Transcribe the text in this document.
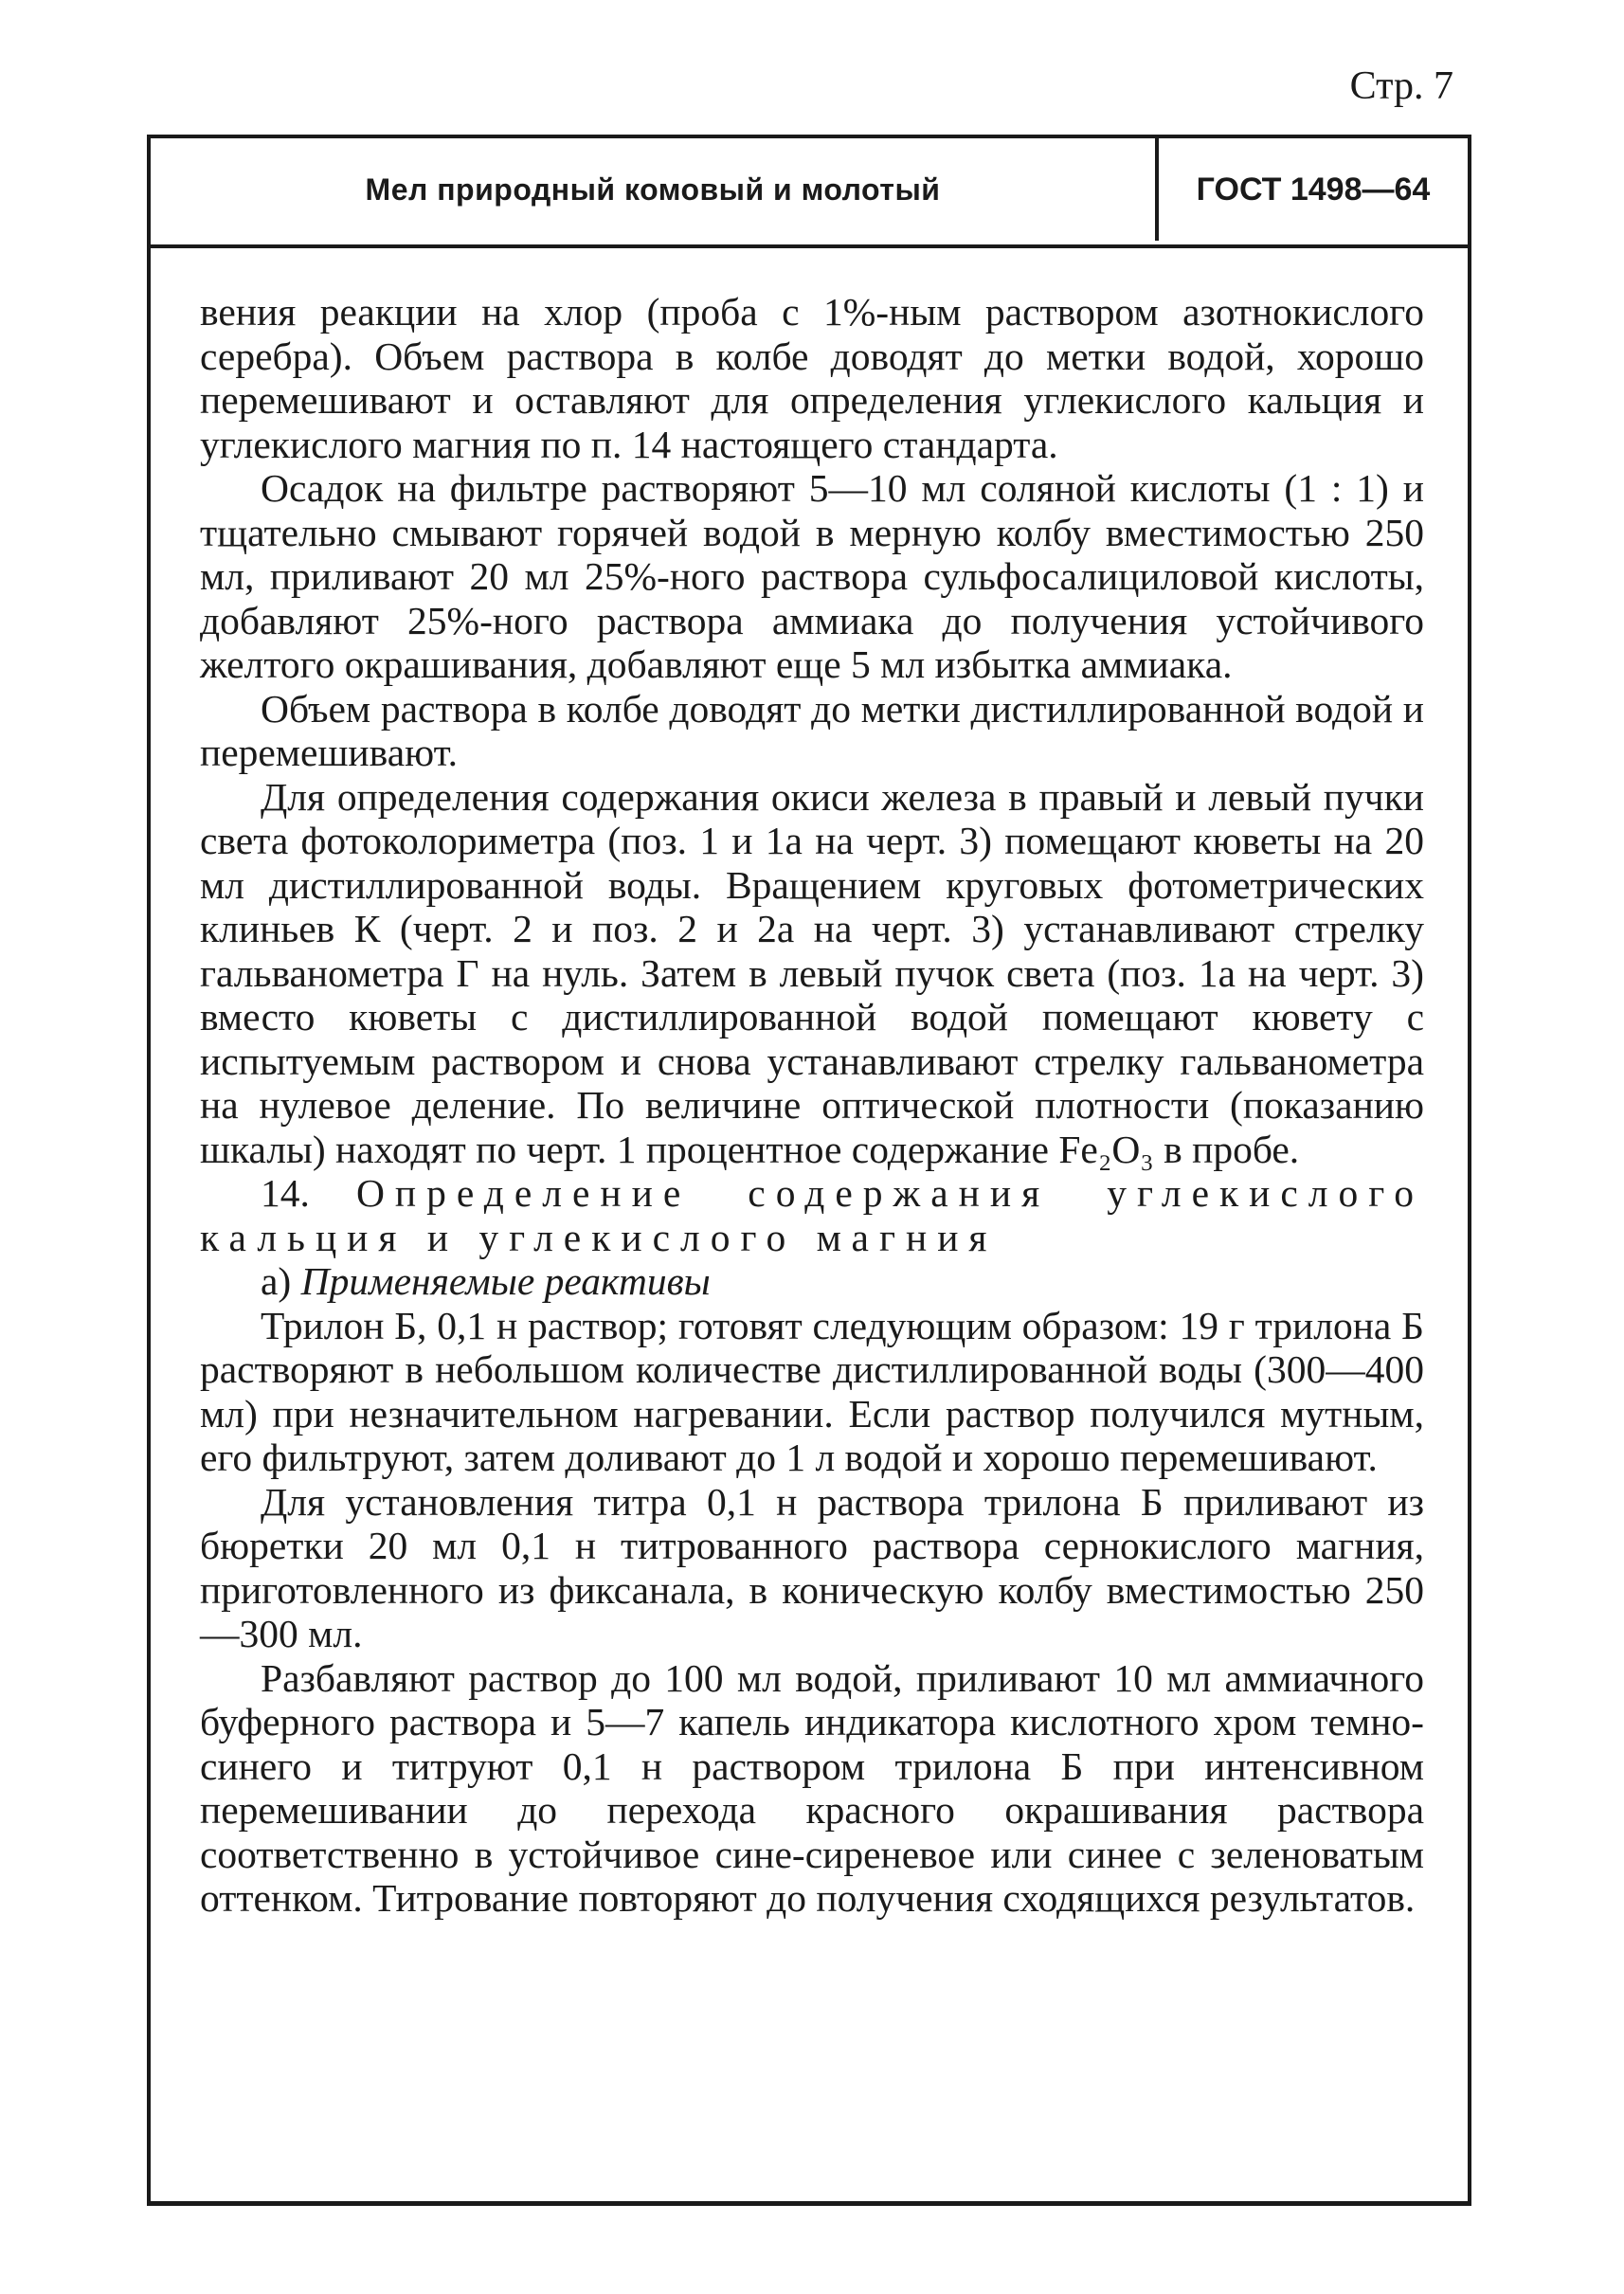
Стр. 7
Мел природный комовый и молотый	ГОСТ 1498—64

вения реакции на хлор (проба с 1%-ным раствором азотнокислого серебра). Объем раствора в колбе доводят до метки водой, хорошо перемешивают и оставляют для определения углекислого кальция и углекислого магния по п. 14 настоящего стандарта.

Осадок на фильтре растворяют 5—10 мл соляной кислоты (1 : 1) и тщательно смывают горячей водой в мерную колбу вместимостью 250 мл, приливают 20 мл 25%-ного раствора сульфосалициловой кислоты, добавляют 25%-ного раствора аммиака до получения устойчивого желтого окрашивания, добавляют еще 5 мл избытка аммиака.

Объем раствора в колбе доводят до метки дистиллированной водой и перемешивают.

Для определения содержания окиси железа в правый и левый пучки света фотоколориметра (поз. 1 и 1а на черт. 3) помещают кюветы на 20 мл дистиллированной воды. Вращением круговых фотометрических клиньев К (черт. 2 и поз. 2 и 2а на черт. 3) устанавливают стрелку гальванометра Г на нуль. Затем в левый пучок света (поз. 1а на черт. 3) вместо кюветы с дистиллированной водой помещают кювету с испытуемым раствором и снова устанавливают стрелку гальванометра на нулевое деление. По величине оптической плотности (показанию шкалы) находят по черт. 1 процентное содержание Fe₂O₃ в пробе.

14. Определение содержания углекислого кальция и углекислого магния

а) Применяемые реактивы

Трилон Б, 0,1 н раствор; готовят следующим образом: 19 г трилона Б растворяют в небольшом количестве дистиллированной воды (300—400 мл) при незначительном нагревании. Если раствор получился мутным, его фильтруют, затем доливают до 1 л водой и хорошо перемешивают.

Для установления титра 0,1 н раствора трилона Б приливают из бюретки 20 мл 0,1 н титрованного раствора сернокислого магния, приготовленного из фиксанала, в коническую колбу вместимостью 250—300 мл.

Разбавляют раствор до 100 мл водой, приливают 10 мл аммиачного буферного раствора и 5—7 капель индикатора кислотного хром темно-синего и титруют 0,1 н раствором трилона Б при интенсивном перемешивании до перехода красного окрашивания раствора соответственно в устойчивое сине-сиреневое или синее с зеленоватым оттенком. Титрование повторяют до получения сходящихся результатов.
